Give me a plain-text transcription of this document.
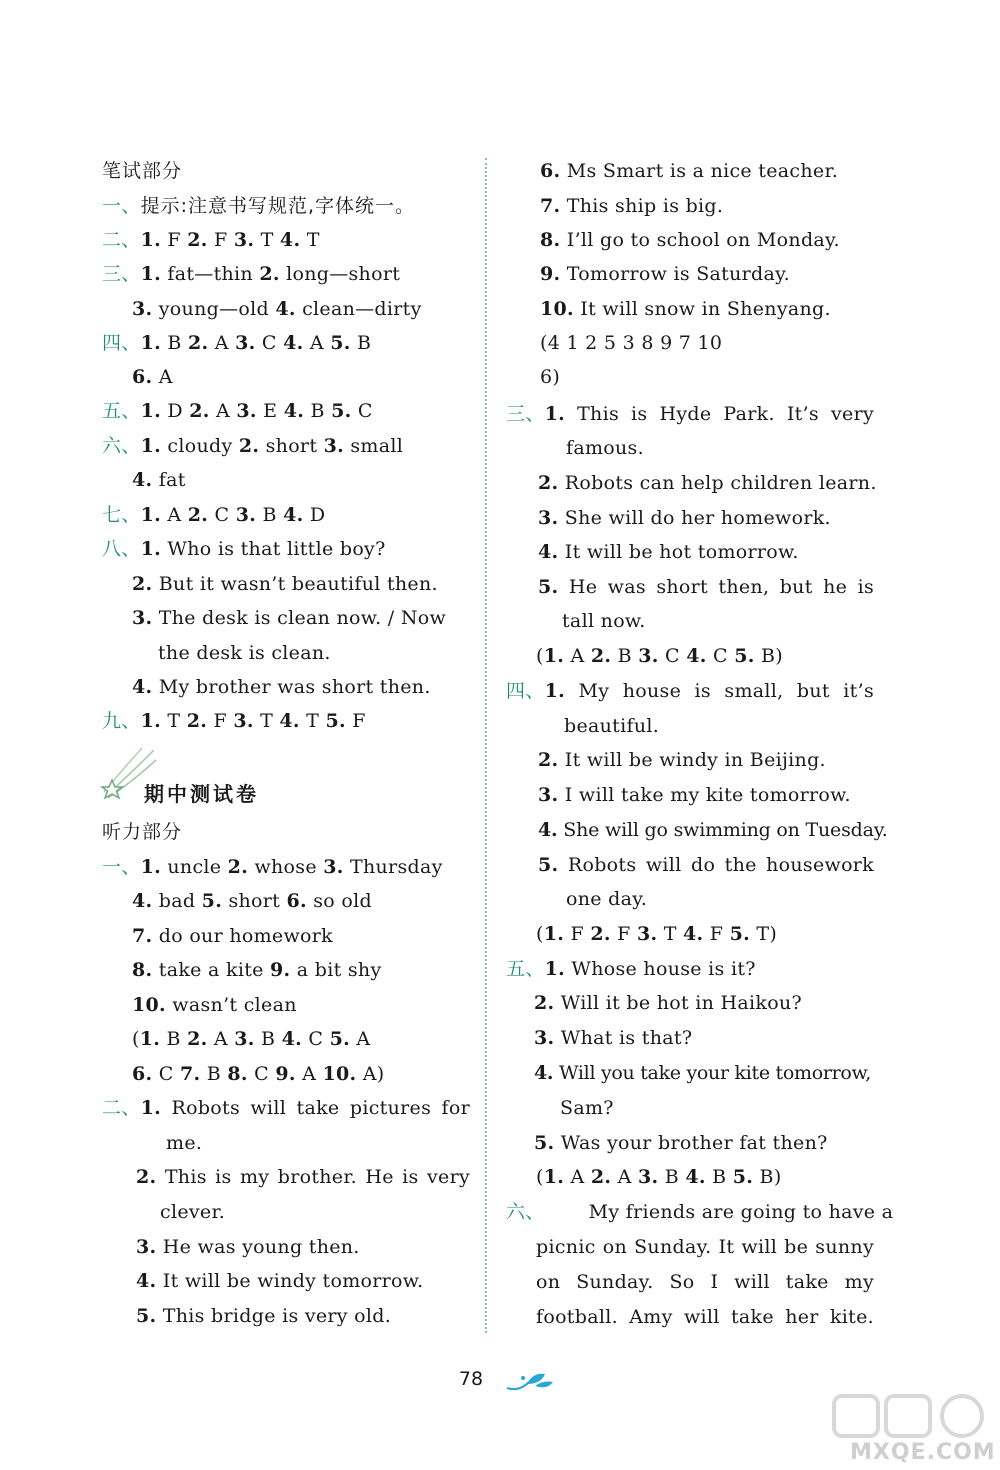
笔试部分
一、提示:注意书写规范,字体统一。
二、1. F 2. F 3. T 4. T
三、1. fat—thin 2. long—short
3. young—old 4. clean—dirty
四、1. B 2. A 3. C 4. A 5. B
6. A
五、1. D 2. A 3. E 4. B 5. C
六、1. cloudy 2. short 3. small
4. fat
七、1. A 2. C 3. B 4. D
八、1. Who is that little boy?
2. But it wasn’t beautiful then.
3. The desk is clean now. / Now
the desk is clean.
4. My brother was short then.
九、1. T 2. F 3. T 4. T 5. F
期中测试卷
听力部分
一、1. uncle 2. whose 3. Thursday
4. bad 5. short 6. so old
7. do our homework
8. take a kite 9. a bit shy
10. wasn’t clean
(1. B 2. A 3. B 4. C 5. A
6. C 7. B 8. C 9. A 10. A)
二、 1. Robots will take pictures for
me.
2. This is my brother. He is very
clever.
3. He was young then.
4. It will be windy tomorrow.
5. This bridge is very old.
6. Ms Smart is a nice teacher.
7. This ship is big.
8. I’ll go to school on Monday.
9. Tomorrow is Saturday.
10. It will snow in Shenyang.
(4 1 2 5 3 8 9 7 10
6)
三、 1. This is Hyde Park. It’s very
famous.
2. Robots can help children learn.
3. She will do her homework.
4. It will be hot tomorrow.
5. He was short then, but he is
tall now.
(1. A 2. B 3. C 4. C 5. B)
四、 1. My house is small, but it’s
beautiful.
2. It will be windy in Beijing.
3. I will take my kite tomorrow.
4. She will go swimming on Tuesday.
5. Robots will do the housework
one day.
(1. F 2. F 3. T 4. F 5. T)
五、1. Whose house is it?
2. Will it be hot in Haikou?
3. What is that?
4. Will you take your kite tomorrow,
Sam?
5. Was your brother fat then?
(1. A 2. A 3. B 4. B 5. B)
六、 My friends are going to have a
picnic on Sunday. It will be sunny
on Sunday. So I will take my
football. Amy will take her kite.
78
MXQE.COM
